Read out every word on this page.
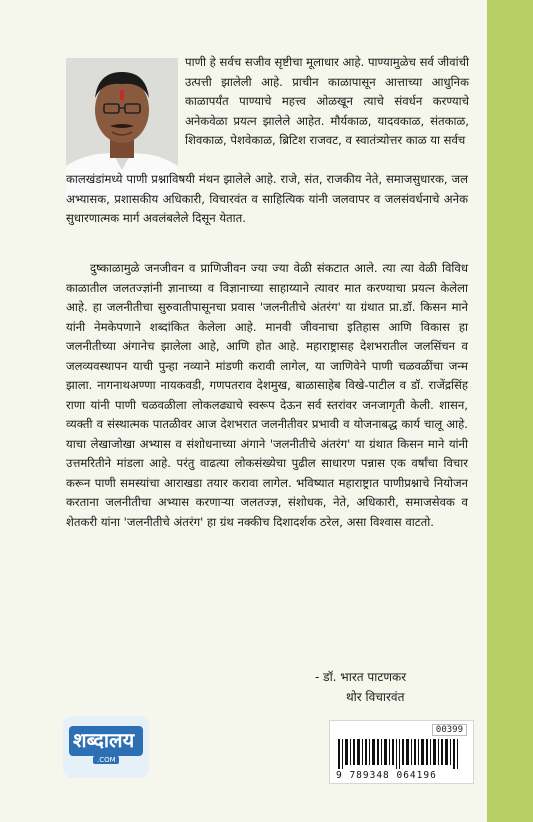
पाणी हे सर्वच सजीव सृष्टीचा मूलाधार आहे. पाण्यामुळेच सर्व जीवांची उत्पत्ती झालेली आहे. प्राचीन काळापासून आत्ताच्या आधुनिक काळापर्यंत पाण्याचे महत्त्व ओळखून त्याचे संवर्धन करण्याचे अनेकवेळा प्रयत्न झालेले आहेत. मौर्यकाळ, यादवकाळ, संतकाळ, शिवकाळ, पेशवेकाळ, ब्रिटिश राजवट, व स्वातंत्र्योत्तर काळ या सर्वच
कालखंडांमध्ये पाणी प्रश्नाविषयी मंथन झालेले आहे. राजे, संत, राजकीय नेते, समाजसुधारक, जल अभ्यासक, प्रशासकीय अधिकारी, विचारवंत व साहित्यिक यांनी जलवापर व जलसंवर्धनाचे अनेक सुधारणात्मक मार्ग अवलंबलेले दिसून येतात.
दुष्काळामुळे जनजीवन व प्राणिजीवन ज्या ज्या वेळी संकटात आले. त्या त्या वेळी विविध काळातील जलतज्ज्ञांनी ज्ञानाच्या व विज्ञानाच्या साहाय्याने त्यावर मात करण्याचा प्रयत्न केलेला आहे. हा जलनीतीचा सुरुवातीपासूनचा प्रवास 'जलनीतीचे अंतरंग' या ग्रंथात प्रा.डॉ. किसन माने यांनी नेमकेपणाने शब्दांकित केलेला आहे. मानवी जीवनाचा इतिहास आणि विकास हा जलनीतीच्या अंगानेच झालेला आहे, आणि होत आहे. महाराष्ट्रासह देशभरातील जलसिंचन व जलव्यवस्थापन याची पुन्हा नव्याने मांडणी करावी लागेल, या जाणिवेने पाणी चळवळींचा जन्म झाला. नागनाथअण्णा नायकवडी, गणपतराव देशमुख, बाळासाहेब विखे-पाटील व डॉ. राजेंद्रसिंह राणा यांनी पाणी चळवळीला लोकलढ्याचे स्वरूप देऊन सर्व स्तरांवर जनजागृती केली. शासन, व्यक्ती व संस्थात्मक पातळीवर आज देशभरात जलनीतीवर प्रभावी व योजनाबद्ध कार्य चालू आहे. याचा लेखाजोखा अभ्यास व संशोधनाच्या अंगाने 'जलनीतीचे अंतरंग' या ग्रंथात किसन माने यांनी उत्तमरितीने मांडला आहे. परंतु वाढत्या लोकसंख्येचा पुढील साधारण पन्नास एक वर्षांचा विचार करून पाणी समस्यांचा आराखडा तयार करावा लागेल. भविष्यात महाराष्ट्रात पाणीप्रश्नाचे नियोजन करताना जलनीतीचा अभ्यास करणाऱ्या जलतज्ज्ञ, संशोधक, नेते, अधिकारी, समाजसेवक व शेतकरी यांना 'जलनीतीचे अंतरंग' हा ग्रंथ नक्कीच दिशादर्शक ठरेल, असा विश्वास वाटतो.
- डॉ. भारत पाटणकर
थोर विचारवंत
शब्दालय
.COM
00399
9 789348 064196
